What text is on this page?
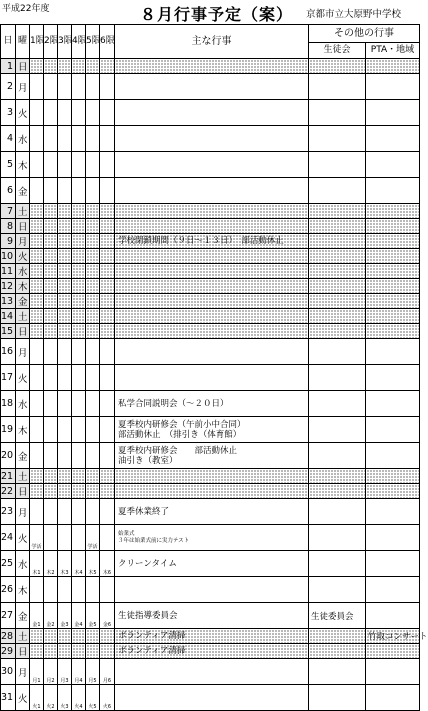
平成22年度	８月行事予定（案） 京都市立大原野中学校
日	曜	1限	2限	3限	4限	5限	6限	主な行事	その他の行事	
									生徒会	PTA・地域
1	日									
2	月									
3	火									
4	水									
5	木									
6	金									
7	土									
8	日									
9	月							学校閉鎖期間（９日～１３日）　部活動休止		

10	火									
11	水									
12	木									
13	金									
14	土									
15	日									
16	月									
17	火									
18	水							私学合同説明会（～２０日）		

19	木							夏季校内研修会（午前小中合同）
部活動休止　（排引き（体育館）		

20	金							夏季校内研修会　　部活動休止
油引き（教室）		

21	土									
22	日									
23	月							夏季休業終了		

24	火	学活				学活		始業式
３年は始業式前に実力テスト		

25	水	木1	木2	木3	木4	木5	木6	クリーンタイム		

26	木									
27	金	金1	金2	金3	金4	金5	金6	生徒指導委員会	生徒委員会	
28	土							ボランティア清掃		竹取コンサート
29	日							ボランティア清掃		

30	月	月1	月2	月3	月4	月5	月6			
31	火	火1	火2	火3	火4	火5	火6			
